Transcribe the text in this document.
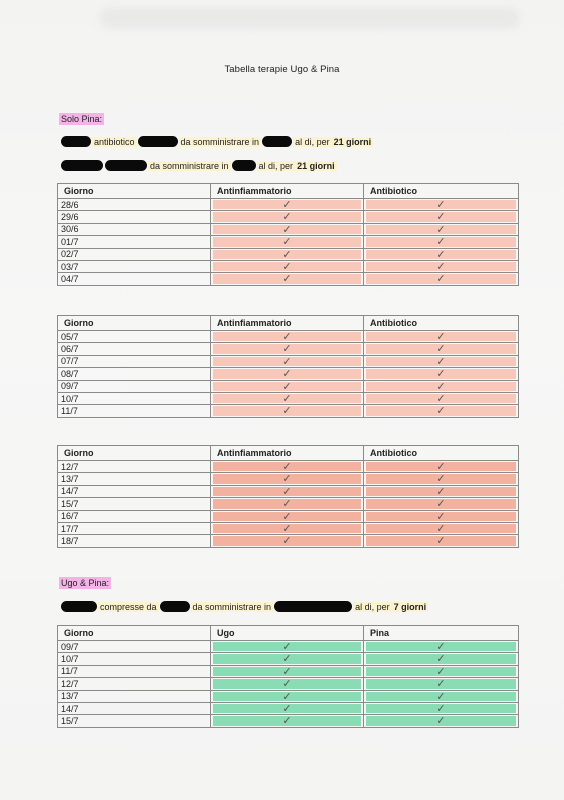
Tabella terapie Ugo & Pina
Solo Pina:
antibiotico	da somministrare in	al di, per 21 giorni
da somministrare in	al di, per 21 giorni
Giorno	Antinfiammatorio	Antibiotico
28/6	✓	✓

29/6	✓	✓

30/6	✓	✓

01/7	✓	✓

02/7	✓	✓

03/7	✓	✓

04/7	✓	✓
Giorno	Antinfiammatorio	Antibiotico
05/7	✓	✓

06/7	✓	✓

07/7	✓	✓

08/7	✓	✓

09/7	✓	✓

10/7	✓	✓

11/7	✓	✓
Giorno	Antinfiammatorio	Antibiotico
12/7	✓	✓

13/7	✓	✓

14/7	✓	✓

15/7	✓	✓

16/7	✓	✓

17/7	✓	✓

18/7	✓	✓
Ugo & Pina:
compresse da	da somministrare in	al di, per 7 giorni
Giorno	Ugo	Pina
09/7	✓	✓

10/7	✓	✓

11/7	✓	✓

12/7	✓	✓

13/7	✓	✓

14/7	✓	✓

15/7	✓	✓
